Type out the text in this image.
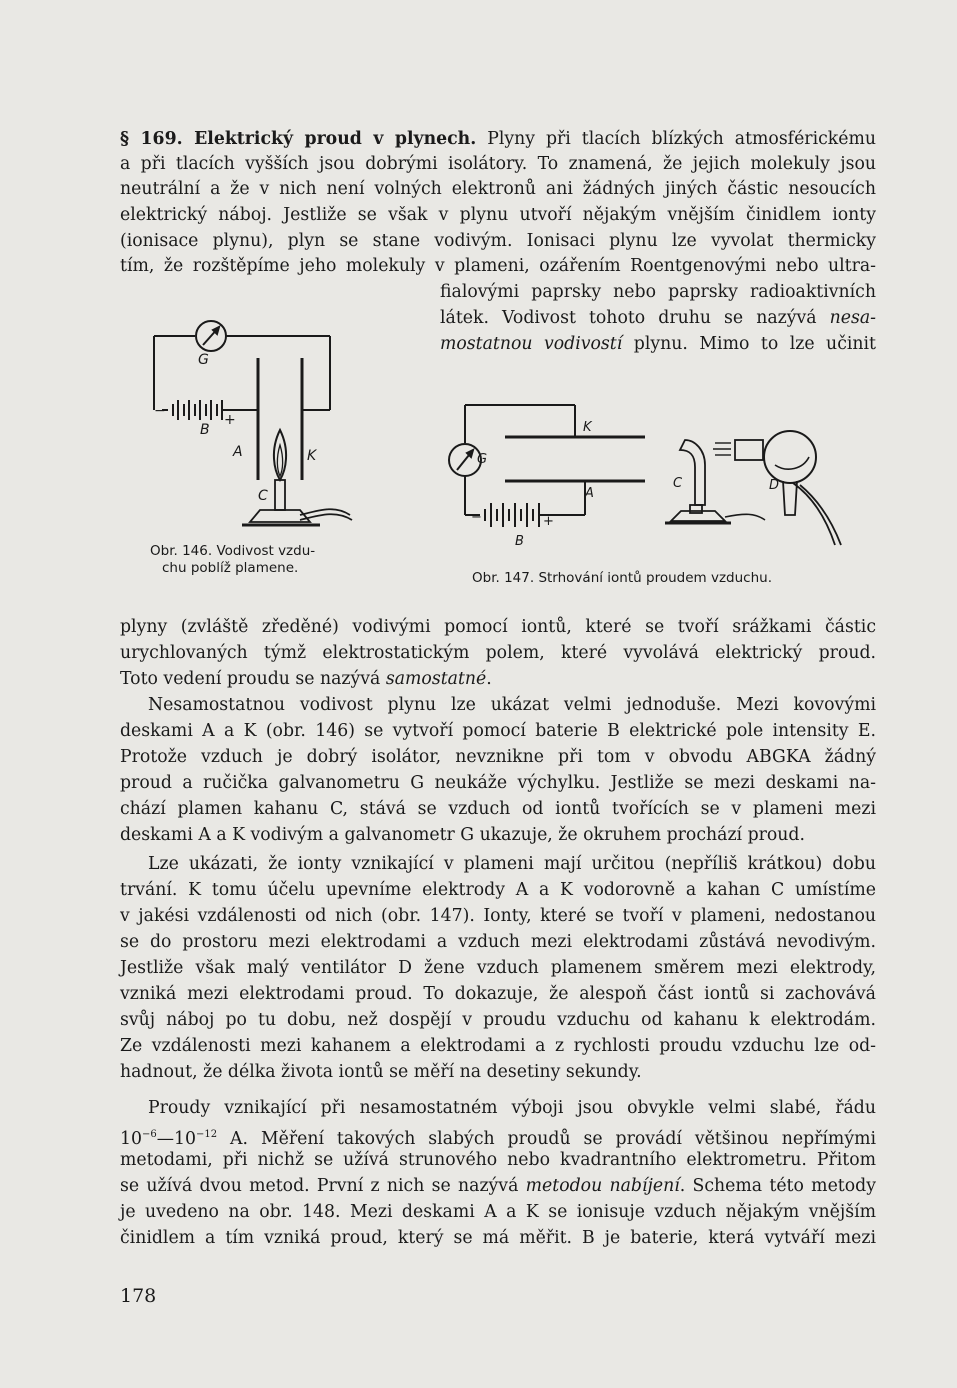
§ 169. Elektrický proud v plynech. Plyny při tlacích blízkých atmosférickému
a při tlacích vyšších jsou dobrými isolátory. To znamená, že jejich molekuly jsou
neutrální a že v nich není volných elektronů ani žádných jiných částic nesoucích
elektrický náboj. Jestliže se však v plynu utvoří nějakým vnějším činidlem ionty
(ionisace plynu), plyn se stane vodivým. Ionisaci plynu lze vyvolat thermicky
tím, že rozštěpíme jeho molekuly v plameni, ozářením Roentgenovými nebo ultra-
fialovými paprsky nebo paprsky radioaktivních
látek. Vodivost tohoto druhu se nazývá nesa-
mostatnou vodivostí plynu. Mimo to lze učinit
G
B
A	K
C
−
+
Obr. 146. Vodivost vzdu-
chu poblíž plamene.
G
K
A
B
C	D
−	+
Obr. 147. Strhování iontů proudem vzduchu.
plyny (zvláště zředěné) vodivými pomocí iontů, které se tvoří srážkami částic
urychlovaných týmž elektrostatickým polem, které vyvolává elektrický proud.
Toto vedení proudu se nazývá samostatné.
Nesamostatnou vodivost plynu lze ukázat velmi jednoduše. Mezi kovovými
deskami A a K (obr. 146) se vytvoří pomocí baterie B elektrické pole intensity E.
Protože vzduch je dobrý isolátor, nevznikne při tom v obvodu ABGKA žádný
proud a ručička galvanometru G neukáže výchylku. Jestliže se mezi deskami na-
chází plamen kahanu C, stává se vzduch od iontů tvořících se v plameni mezi
deskami A a K vodivým a galvanometr G ukazuje, že okruhem prochází proud.
Lze ukázati, že ionty vznikající v plameni mají určitou (nepříliš krátkou) dobu
trvání. K tomu účelu upevníme elektrody A a K vodorovně a kahan C umístíme
v jakési vzdálenosti od nich (obr. 147). Ionty, které se tvoří v plameni, nedostanou
se do prostoru mezi elektrodami a vzduch mezi elektrodami zůstává nevodivým.
Jestliže však malý ventilátor D žene vzduch plamenem směrem mezi elektrody,
vzniká mezi elektrodami proud. To dokazuje, že alespoň část iontů si zachovává
svůj náboj po tu dobu, než dospějí v proudu vzduchu od kahanu k elektrodám.
Ze vzdálenosti mezi kahanem a elektrodami a z rychlosti proudu vzduchu lze od-
hadnout, že délka života iontů se měří na desetiny sekundy.
Proudy vznikající při nesamostatném výboji jsou obvykle velmi slabé, řádu
$10^{-6}—10^{-12}$ A. Měření takových slabých proudů se provádí většinou nepřímými
metodami, při nichž se užívá strunového nebo kvadrantního elektrometru. Přitom
se užívá dvou metod. První z nich se nazývá metodou nabíjení. Schema této metody
je uvedeno na obr. 148. Mezi deskami A a K se ionisuje vzduch nějakým vnějším
činidlem a tím vzniká proud, který se má měřit. B je baterie, která vytváří mezi
178
